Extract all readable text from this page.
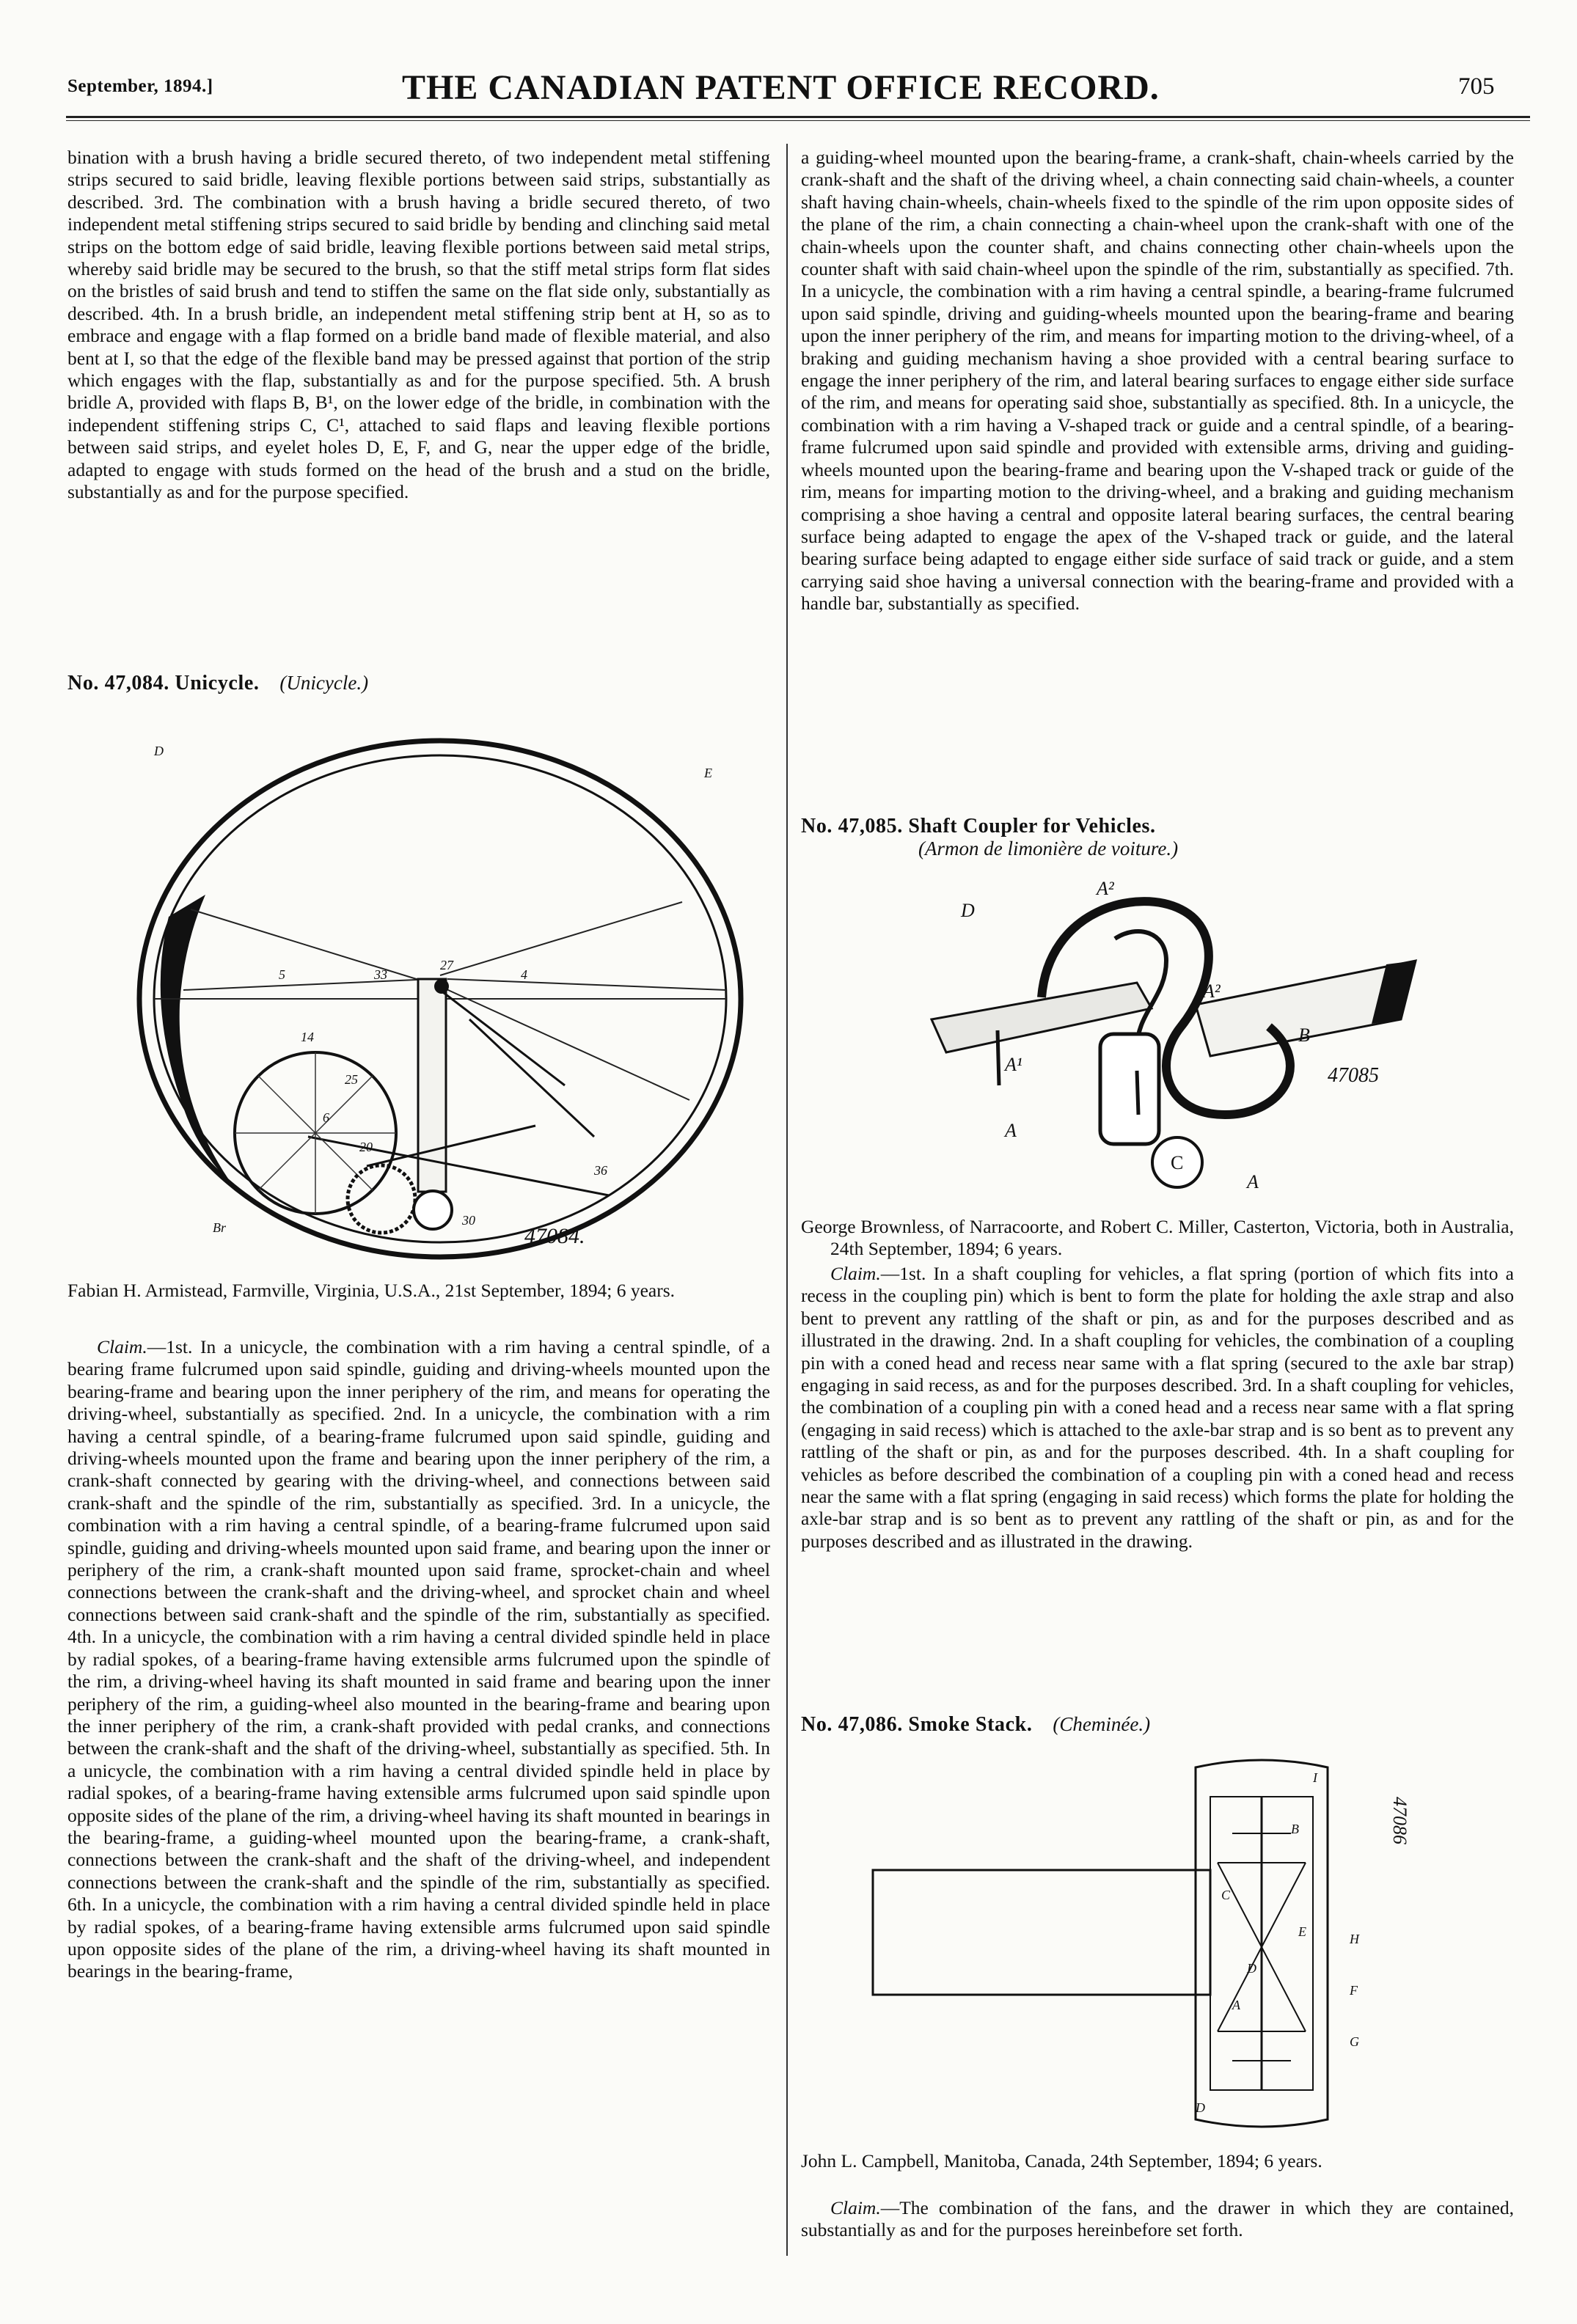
September, 1894.]	THE CANADIAN PATENT OFFICE RECORD.	705

bination with a brush having a bridle secured thereto, of two independent metal stiffening strips secured to said bridle, leaving flexible portions between said strips, substantially as described. 3rd. The combination with a brush having a bridle secured thereto, of two independent metal stiffening strips secured to said bridle by bending and clinching said metal strips on the bottom edge of said bridle, leaving flexible portions between said metal strips, whereby said bridle may be secured to the brush, so that the stiff metal strips form flat sides on the bristles of said brush and tend to stiffen the same on the flat side only, substantially as described. 4th. In a brush bridle, an independent metal stiffening strip bent at H, so as to embrace and engage with a flap formed on a bridle band made of flexible material, and also bent at I, so that the edge of the flexible band may be pressed against that portion of the strip which engages with the flap, substantially as and for the purpose specified. 5th. A brush bridle A, provided with flaps B, B¹, on the lower edge of the bridle, in combination with the independent stiffening strips C, C¹, attached to said flaps and leaving flexible portions between said strips, and eyelet holes D, E, F, and G, near the upper edge of the bridle, adapted to engage with studs formed on the head of the brush and a stud on the bridle, substantially as and for the purpose specified.

No. 47,084. Unicycle. (Unicycle.)
D
E
5	33
27
4
14
25
20
6
36
30
Br	47084.

Fabian H. Armistead, Farmville, Virginia, U.S.A., 21st September, 1894; 6 years.

Claim.—1st. In a unicycle, the combination with a rim having a central spindle, of a bearing frame fulcrumed upon said spindle, guiding and driving-wheels mounted upon the bearing-frame and bearing upon the inner periphery of the rim, and means for operating the driving-wheel, substantially as specified. 2nd. In a unicycle, the combination with a rim having a central spindle, of a bearing-frame fulcrumed upon said spindle, guiding and driving-wheels mounted upon the frame and bearing upon the inner periphery of the rim, a crank-shaft connected by gearing with the driving-wheel, and connections between said crank-shaft and the spindle of the rim, substantially as specified. 3rd. In a unicycle, the combination with a rim having a central spindle, of a bearing-frame fulcrumed upon said spindle, guiding and driving-wheels mounted upon said frame, and bearing upon the inner or periphery of the rim, a crank-shaft mounted upon said frame, sprocket-chain and wheel connections between the crank-shaft and the driving-wheel, and sprocket chain and wheel connections between said crank-shaft and the spindle of the rim, substantially as specified. 4th. In a unicycle, the combination with a rim having a central divided spindle held in place by radial spokes, of a bearing-frame having extensible arms fulcrumed upon the spindle of the rim, a driving-wheel having its shaft mounted in said frame and bearing upon the inner periphery of the rim, a guiding-wheel also mounted in the bearing-frame and bearing upon the inner periphery of the rim, a crank-shaft provided with pedal cranks, and connections between the crank-shaft and the shaft of the driving-wheel, substantially as specified. 5th. In a unicycle, the combination with a rim having a central divided spindle held in place by radial spokes, of a bearing-frame having extensible arms fulcrumed upon said spindle upon opposite sides of the plane of the rim, a driving-wheel having its shaft mounted in bearings in the bearing-frame, a guiding-wheel mounted upon the bearing-frame, a crank-shaft, connections between the crank-shaft and the shaft of the driving-wheel, and independent connections between the crank-shaft and the spindle of the rim, substantially as specified. 6th. In a unicycle, the combination with a rim having a central divided spindle held in place by radial spokes, of a bearing-frame having extensible arms fulcrumed upon said spindle upon opposite sides of the plane of the rim, a driving-wheel having its shaft mounted in bearings in the bearing-frame,

a guiding-wheel mounted upon the bearing-frame, a crank-shaft, chain-wheels carried by the crank-shaft and the shaft of the driving wheel, a chain connecting said chain-wheels, a counter shaft having chain-wheels, chain-wheels fixed to the spindle of the rim upon opposite sides of the plane of the rim, a chain connecting a chain-wheel upon the crank-shaft with one of the chain-wheels upon the counter shaft, and chains connecting other chain-wheels upon the counter shaft with said chain-wheel upon the spindle of the rim, substantially as specified. 7th. In a unicycle, the combination with a rim having a central spindle, a bearing-frame fulcrumed upon said spindle, driving and guiding-wheels mounted upon the bearing-frame and bearing upon the inner periphery of the rim, and means for imparting motion to the driving-wheel, of a braking and guiding mechanism having a shoe provided with a central bearing surface to engage the inner periphery of the rim, and lateral bearing surfaces to engage either side surface of the rim, and means for operating said shoe, substantially as specified. 8th. In a unicycle, the combination with a rim having a V-shaped track or guide and a central spindle, of a bearing-frame fulcrumed upon said spindle and provided with extensible arms, driving and guiding-wheels mounted upon the bearing-frame and bearing upon the V-shaped track or guide of the rim, means for imparting motion to the driving-wheel, and a braking and guiding mechanism comprising a shoe having a central and opposite lateral bearing surfaces, the central bearing surface being adapted to engage the apex of the V-shaped track or guide, and the lateral bearing surface being adapted to engage either side surface of said track or guide, and a stem carrying said shoe having a universal connection with the bearing-frame and provided with a handle bar, substantially as specified.

No. 47,085. Shaft Coupler for Vehicles.

(Armon de limonière de voiture.)

A²
D
A²
B
A¹
A
C
A
47085

George Brownless, of Narracoorte, and Robert C. Miller, Casterton, Victoria, both in Australia, 24th September, 1894; 6 years.

Claim.—1st. In a shaft coupling for vehicles, a flat spring (portion of which fits into a recess in the coupling pin) which is bent to form the plate for holding the axle strap and also bent to prevent any rattling of the shaft or pin, as and for the purposes described and as illustrated in the drawing. 2nd. In a shaft coupling for vehicles, the combination of a coupling pin with a coned head and recess near same with a flat spring (secured to the axle bar strap) engaging in said recess, as and for the purposes described. 3rd. In a shaft coupling for vehicles, the combination of a coupling pin with a coned head and a recess near same with a flat spring (engaging in said recess) which is attached to the axle-bar strap and is so bent as to prevent any rattling of the shaft or pin, as and for the purposes described. 4th. In a shaft coupling for vehicles as before described the combination of a coupling pin with a coned head and recess near the same with a flat spring (engaging in said recess) which forms the plate for holding the axle-bar strap and is so bent as to prevent any rattling of the shaft or pin, as and for the purposes described and as illustrated in the drawing.

No. 47,086. Smoke Stack. (Cheminée.)
I
B
C
D
A
E	H
F
G
D
47086

John L. Campbell, Manitoba, Canada, 24th September, 1894; 6 years.

Claim.—The combination of the fans, and the drawer in which they are contained, substantially as and for the purposes hereinbefore set forth.
